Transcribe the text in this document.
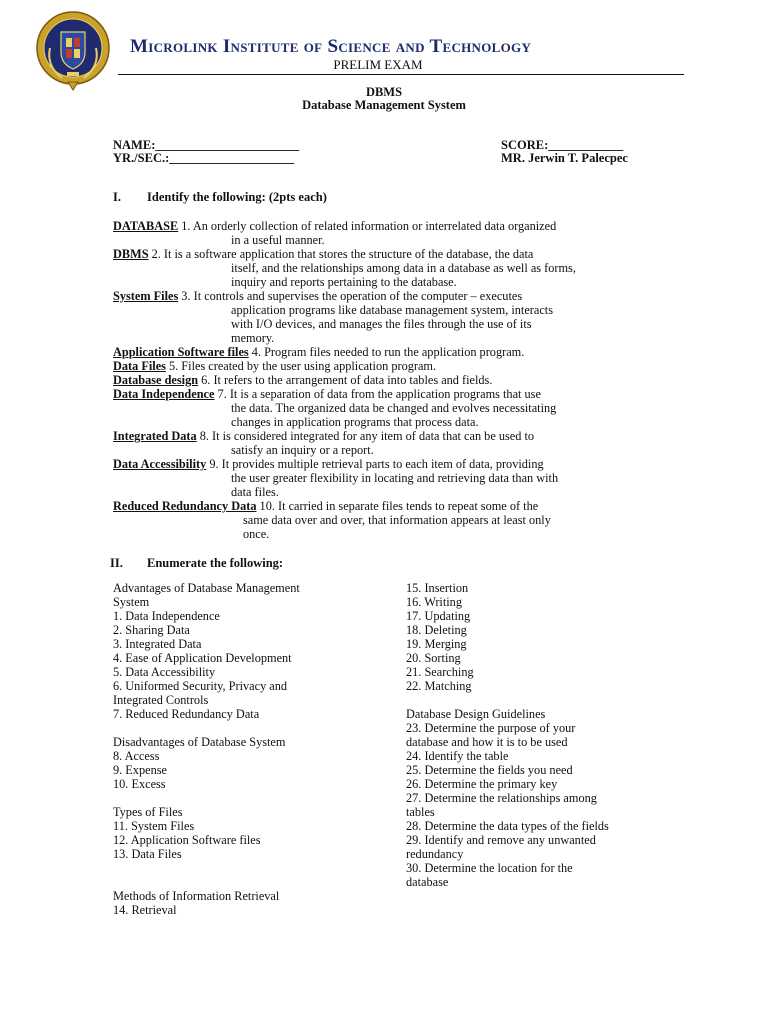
Microlink Institute of Science and Technology
PRELIM EXAM
DBMS
Database Management System
NAME:_______________________
YR./SEC.:____________________
SCORE:____________
MR. Jerwin T. Palecpec
I. Identify the following: (2pts each)
DATABASE 1. An orderly collection of related information or interrelated data organized
in a useful manner.
DBMS 2. It is a software application that stores the structure of the database, the data
itself, and the relationships among data in a database as well as forms,
inquiry and reports pertaining to the database.
System Files 3. It controls and supervises the operation of the computer – executes
application programs like database management system, interacts
with I/O devices, and manages the files through the use of its
memory.
Application Software files 4. Program files needed to run the application program.
Data Files 5. Files created by the user using application program.
Database design 6. It refers to the arrangement of data into tables and fields.
Data Independence 7. It is a separation of data from the application programs that use
the data. The organized data be changed and evolves necessitating
changes in application programs that process data.
Integrated Data 8. It is considered integrated for any item of data that can be used to
satisfy an inquiry or a report.
Data Accessibility 9. It provides multiple retrieval parts to each item of data, providing
the user greater flexibility in locating and retrieving data than with
data files.
Reduced Redundancy Data 10. It carried in separate files tends to repeat some of the
same data over and over, that information appears at least only
once.
II. Enumerate the following:
Advantages of Database Management
System
1. Data Independence
2. Sharing Data
3. Integrated Data
4. Ease of Application Development
5. Data Accessibility
6. Uniformed Security, Privacy and
Integrated Controls
7. Reduced Redundancy Data
Disadvantages of Database System
8. Access
9. Expense
10. Excess
Types of Files
11. System Files
12. Application Software files
13. Data Files
Methods of Information Retrieval
14. Retrieval
15. Insertion
16. Writing
17. Updating
18. Deleting
19. Merging
20. Sorting
21. Searching
22. Matching
Database Design Guidelines
23. Determine the purpose of your
database and how it is to be used
24. Identify the table
25. Determine the fields you need
26. Determine the primary key
27. Determine the relationships among
tables
28. Determine the data types of the fields
29. Identify and remove any unwanted
redundancy
30. Determine the location for the
database
